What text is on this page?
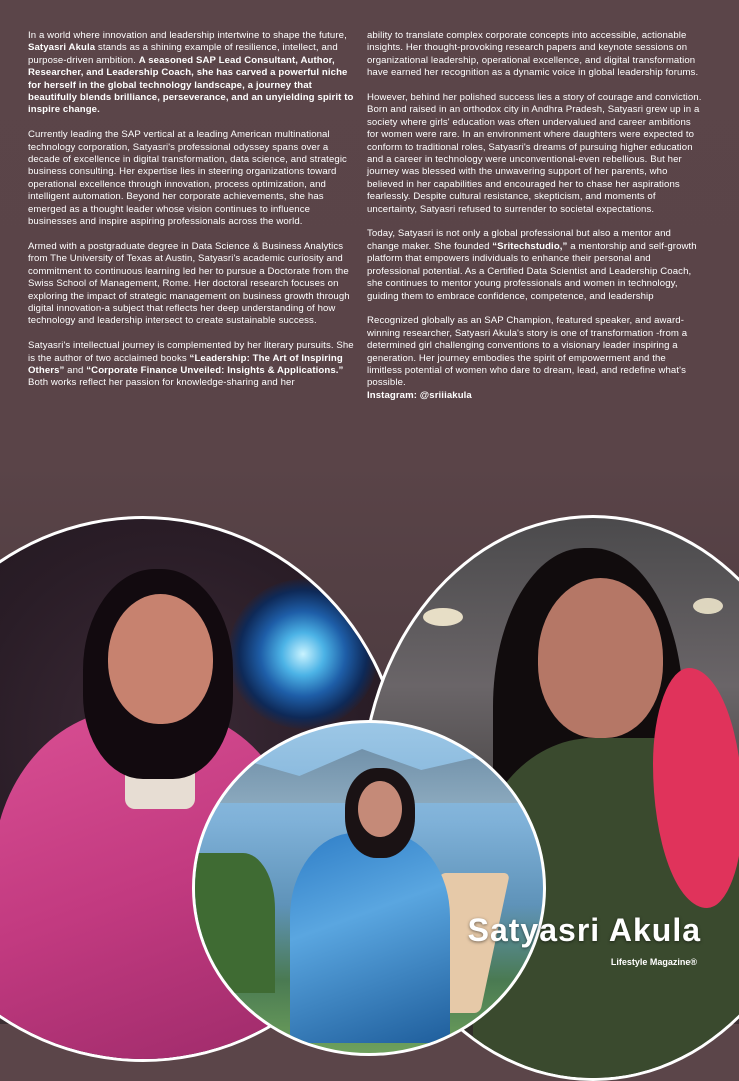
In a world where innovation and leadership intertwine to shape the future, Satyasri Akula stands as a shining example of resilience, intellect, and purpose-driven ambition. A seasoned SAP Lead Consultant, Author, Researcher, and Leadership Coach, she has carved a powerful niche for herself in the global technology landscape, a journey that beautifully blends brilliance, perseverance, and an unyielding spirit to inspire change.

Currently leading the SAP vertical at a leading American multinational technology corporation, Satyasri's professional odyssey spans over a decade of excellence in digital transformation, data science, and strategic business consulting. Her expertise lies in steering organizations toward operational excellence through innovation, process optimization, and intelligent automation. Beyond her corporate achievements, she has emerged as a thought leader whose vision continues to influence businesses and inspire aspiring professionals across the world.

Armed with a postgraduate degree in Data Science & Business Analytics from The University of Texas at Austin, Satyasri's academic curiosity and commitment to continuous learning led her to pursue a Doctorate from the Swiss School of Management, Rome. Her doctoral research focuses on exploring the impact of strategic management on business growth through digital innovation-a subject that reflects her deep understanding of how technology and leadership intersect to create sustainable success.

Satyasri's intellectual journey is complemented by her literary pursuits. She is the author of two acclaimed books “Leadership: The Art of Inspiring Others” and “Corporate Finance Unveiled: Insights & Applications.” Both works reflect her passion for knowledge-sharing and her

ability to translate complex corporate concepts into accessible, actionable insights. Her thought-provoking research papers and keynote sessions on organizational leadership, operational excellence, and digital transformation have earned her recognition as a dynamic voice in global leadership forums.

However, behind her polished success lies a story of courage and conviction. Born and raised in an orthodox city in Andhra Pradesh, Satyasri grew up in a society where girls' education was often undervalued and career ambitions for women were rare. In an environment where daughters were expected to conform to traditional roles, Satyasri's dreams of pursuing higher education and a career in technology were unconventional-even rebellious. But her journey was blessed with the unwavering support of her parents, who believed in her capabilities and encouraged her to chase her aspirations fearlessly. Despite cultural resistance, skepticism, and moments of uncertainty, Satyasri refused to surrender to societal expectations.

Today, Satyasri is not only a global professional but also a mentor and change maker. She founded “Sritechstudio,” a mentorship and self-growth platform that empowers individuals to enhance their personal and professional potential. As a Certified Data Scientist and Leadership Coach, she continues to mentor young professionals and women in technology, guiding them to embrace confidence, competence, and leadership

Recognized globally as an SAP Champion, featured speaker, and award-winning researcher, Satyasri Akula's story is one of transformation -from a determined girl challenging conventions to a visionary leader inspiring a generation. Her journey embodies the spirit of empowerment and the limitless potential of women who dare to dream, lead, and redefine what's possible.

Instagram: @sriiiakula
Satyasri Akula
Lifestyle Magazine®
